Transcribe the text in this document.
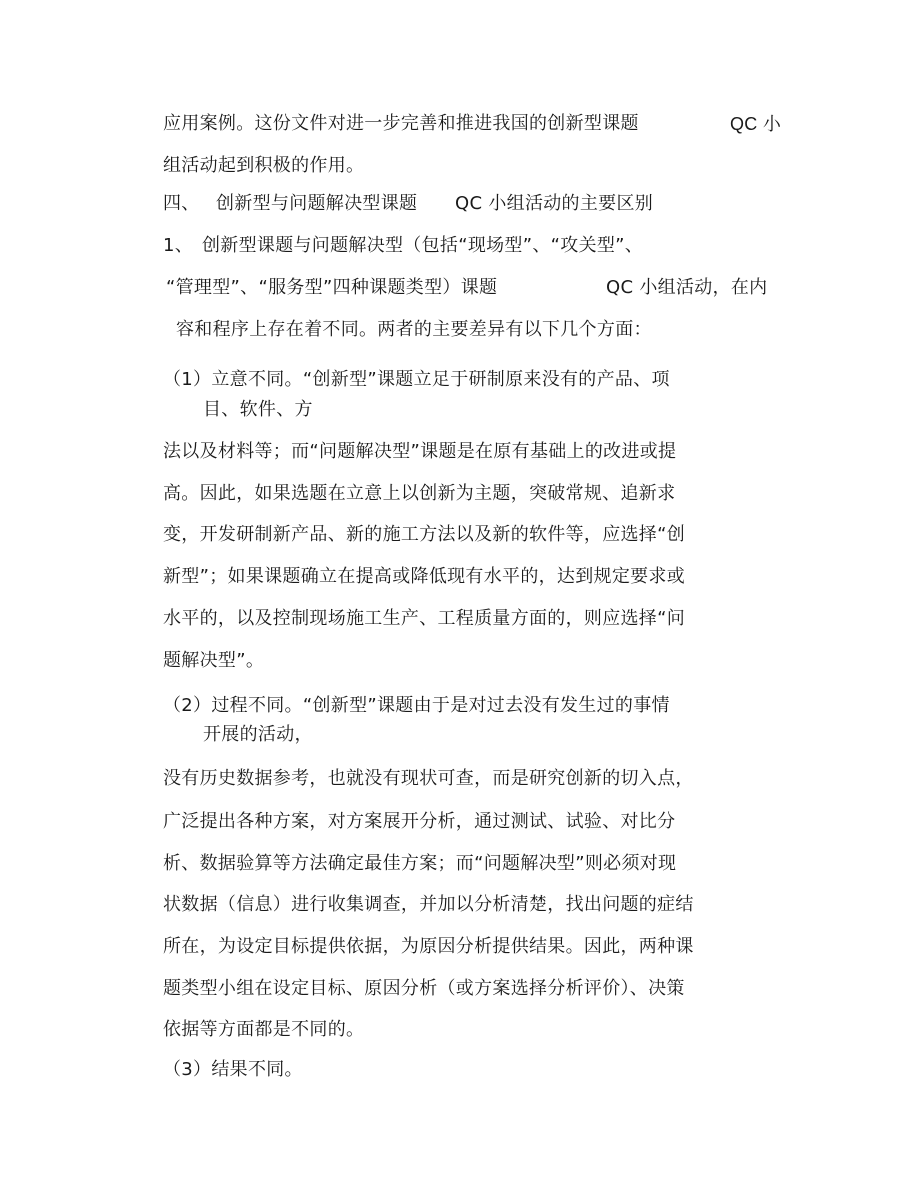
应用案例。这份文件对进一步完善和推进我国的创新型课题	QC 小
组活动起到积极的作用。
四、 创新型与问题解决型课题 QC 小组活动的主要区别
1、 创新型课题与问题解决型（包括“现场型”、“攻关型”、
“管理型”、“服务型”四种课题类型）课题	QC 小组活动，在内
容和程序上存在着不同。两者的主要差异有以下几个方面：
（1）立意不同。“创新型”课题立足于研制原来没有的产品、项
目、软件、方
法以及材料等；而“问题解决型”课题是在原有基础上的改进或提
高。因此，如果选题在立意上以创新为主题，突破常规、追新求
变，开发研制新产品、新的施工方法以及新的软件等，应选择“创
新型”；如果课题确立在提高或降低现有水平的，达到规定要求或
水平的，以及控制现场施工生产、工程质量方面的，则应选择“问
题解决型”。
（2）过程不同。“创新型”课题由于是对过去没有发生过的事情
开展的活动，
没有历史数据参考，也就没有现状可查，而是研究创新的切入点，
广泛提出各种方案，对方案展开分析，通过测试、试验、对比分
析、数据验算等方法确定最佳方案；而“问题解决型”则必须对现
状数据（信息）进行收集调查，并加以分析清楚，找出问题的症结
所在，为设定目标提供依据，为原因分析提供结果。因此，两种课
题类型小组在设定目标、原因分析（或方案选择分析评价）、决策
依据等方面都是不同的。
（3）结果不同。
